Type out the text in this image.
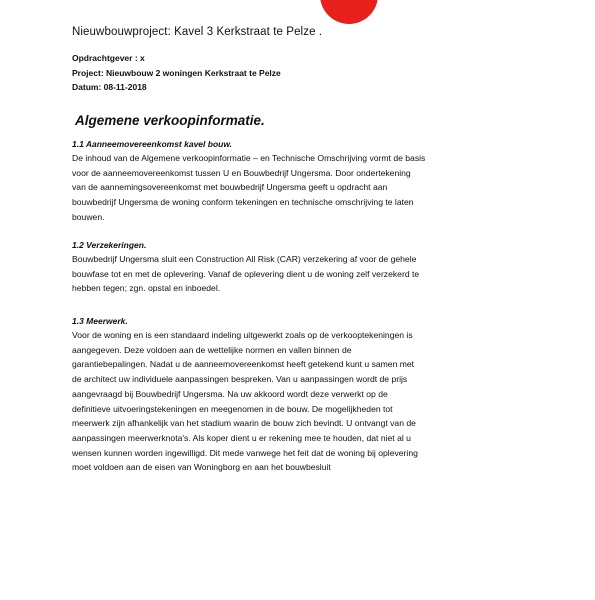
Nieuwbouwproject: Kavel 3 Kerkstraat te Pelze .
Opdrachtgever : x
Project: Nieuwbouw 2 woningen Kerkstraat te Pelze
Datum: 08-11-2018
Algemene verkoopinformatie.
1.1 Aanneemovereenkomst kavel bouw.

De inhoud van de Algemene verkoopinformatie – en Technische Omschrijving vormt de basis
voor de aanneemovereenkomst tussen U en Bouwbedrijf Ungersma. Door ondertekening
van de aannemingsovereenkomst met bouwbedrijf Ungersma geeft u opdracht aan
bouwbedrijf Ungersma de woning conform tekeningen en technische omschrijving te laten
bouwen.

1.2 Verzekeringen.

Bouwbedrijf Ungersma sluit een Construction All Risk (CAR) verzekering af voor de gehele
bouwfase tot en met de oplevering. Vanaf de oplevering dient u de woning zelf verzekerd te
hebben tegen; zgn. opstal en inboedel.

1.3 Meerwerk.

Voor de woning en is een standaard indeling uitgewerkt zoals op de verkooptekeningen is
aangegeven. Deze voldoen aan de wettelijke normen en vallen binnen de
garantiebepalingen. Nadat u de aanneemovereenkomst heeft getekend kunt u samen met
de architect uw individuele aanpassingen bespreken. Van u aanpassingen wordt de prijs
aangevraagd bij Bouwbedrijf Ungersma. Na uw akkoord wordt deze verwerkt op de
definitieve uitvoeringstekeningen en meegenomen in de bouw. De mogelijkheden tot
meerwerk zijn afhankelijk van het stadium waarin de bouw zich bevindt. U ontvangt van de
aanpassingen meerwerknota's. Als koper dient u er rekening mee te houden, dat niet al u
wensen kunnen worden ingewilligd. Dit mede vanwege het feit dat de woning bij oplevering
moet voldoen aan de eisen van Woningborg en aan het bouwbesluit
